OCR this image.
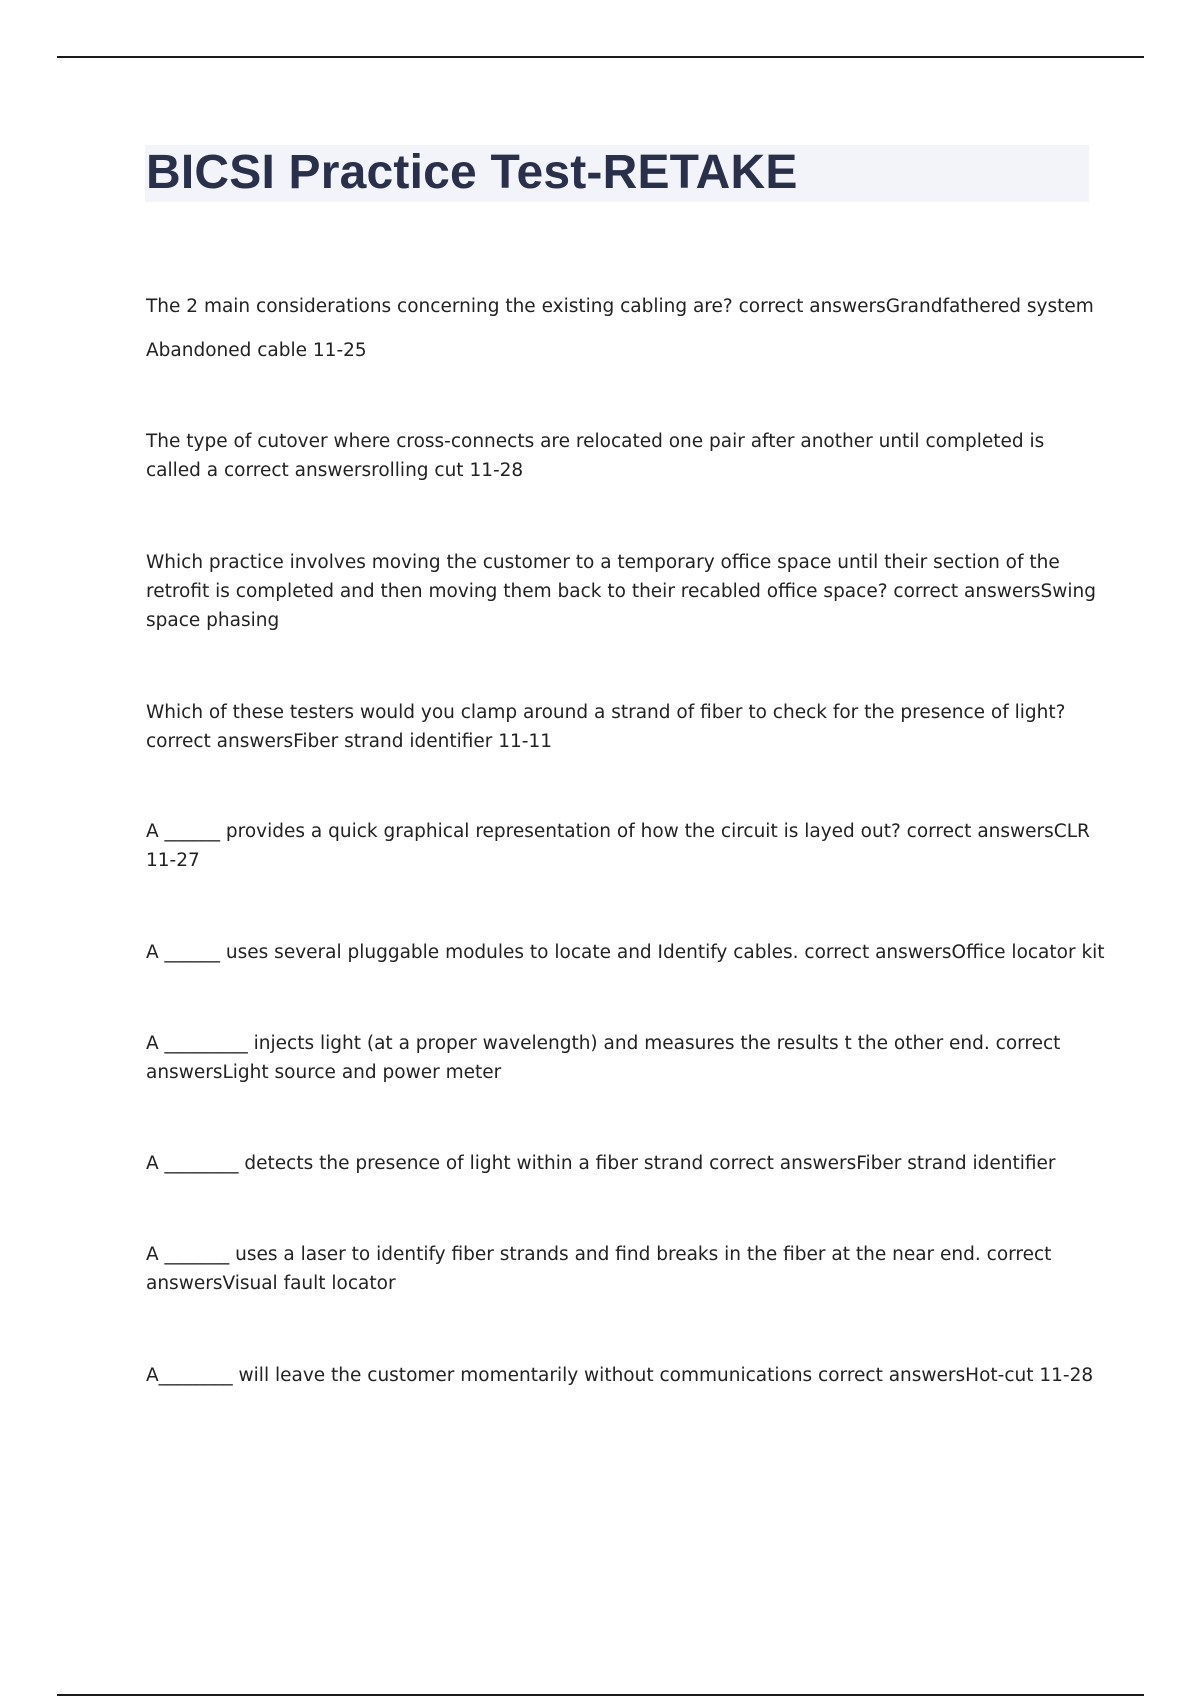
BICSI Practice Test-RETAKE

The 2 main considerations concerning the existing cabling are? correct answersGrandfathered system

Abandoned cable 11-25

The type of cutover where cross-connects are relocated one pair after another until completed is called a correct answersrolling cut 11-28

Which practice involves moving the customer to a temporary office space until their section of the retrofit is completed and then moving them back to their recabled office space? correct answersSwing space phasing

Which of these testers would you clamp around a strand of fiber to check for the presence of light? correct answersFiber strand identifier 11-11

A ______ provides a quick graphical representation of how the circuit is layed out? correct answersCLR 11-27

A ______ uses several pluggable modules to locate and Identify cables. correct answersOffice locator kit

A _________ injects light (at a proper wavelength) and measures the results t the other end. correct answersLight source and power meter

A ________ detects the presence of light within a fiber strand correct answersFiber strand identifier

A _______ uses a laser to identify fiber strands and find breaks in the fiber at the near end. correct answersVisual fault locator

A________ will leave the customer momentarily without communications correct answersHot-cut 11-28
